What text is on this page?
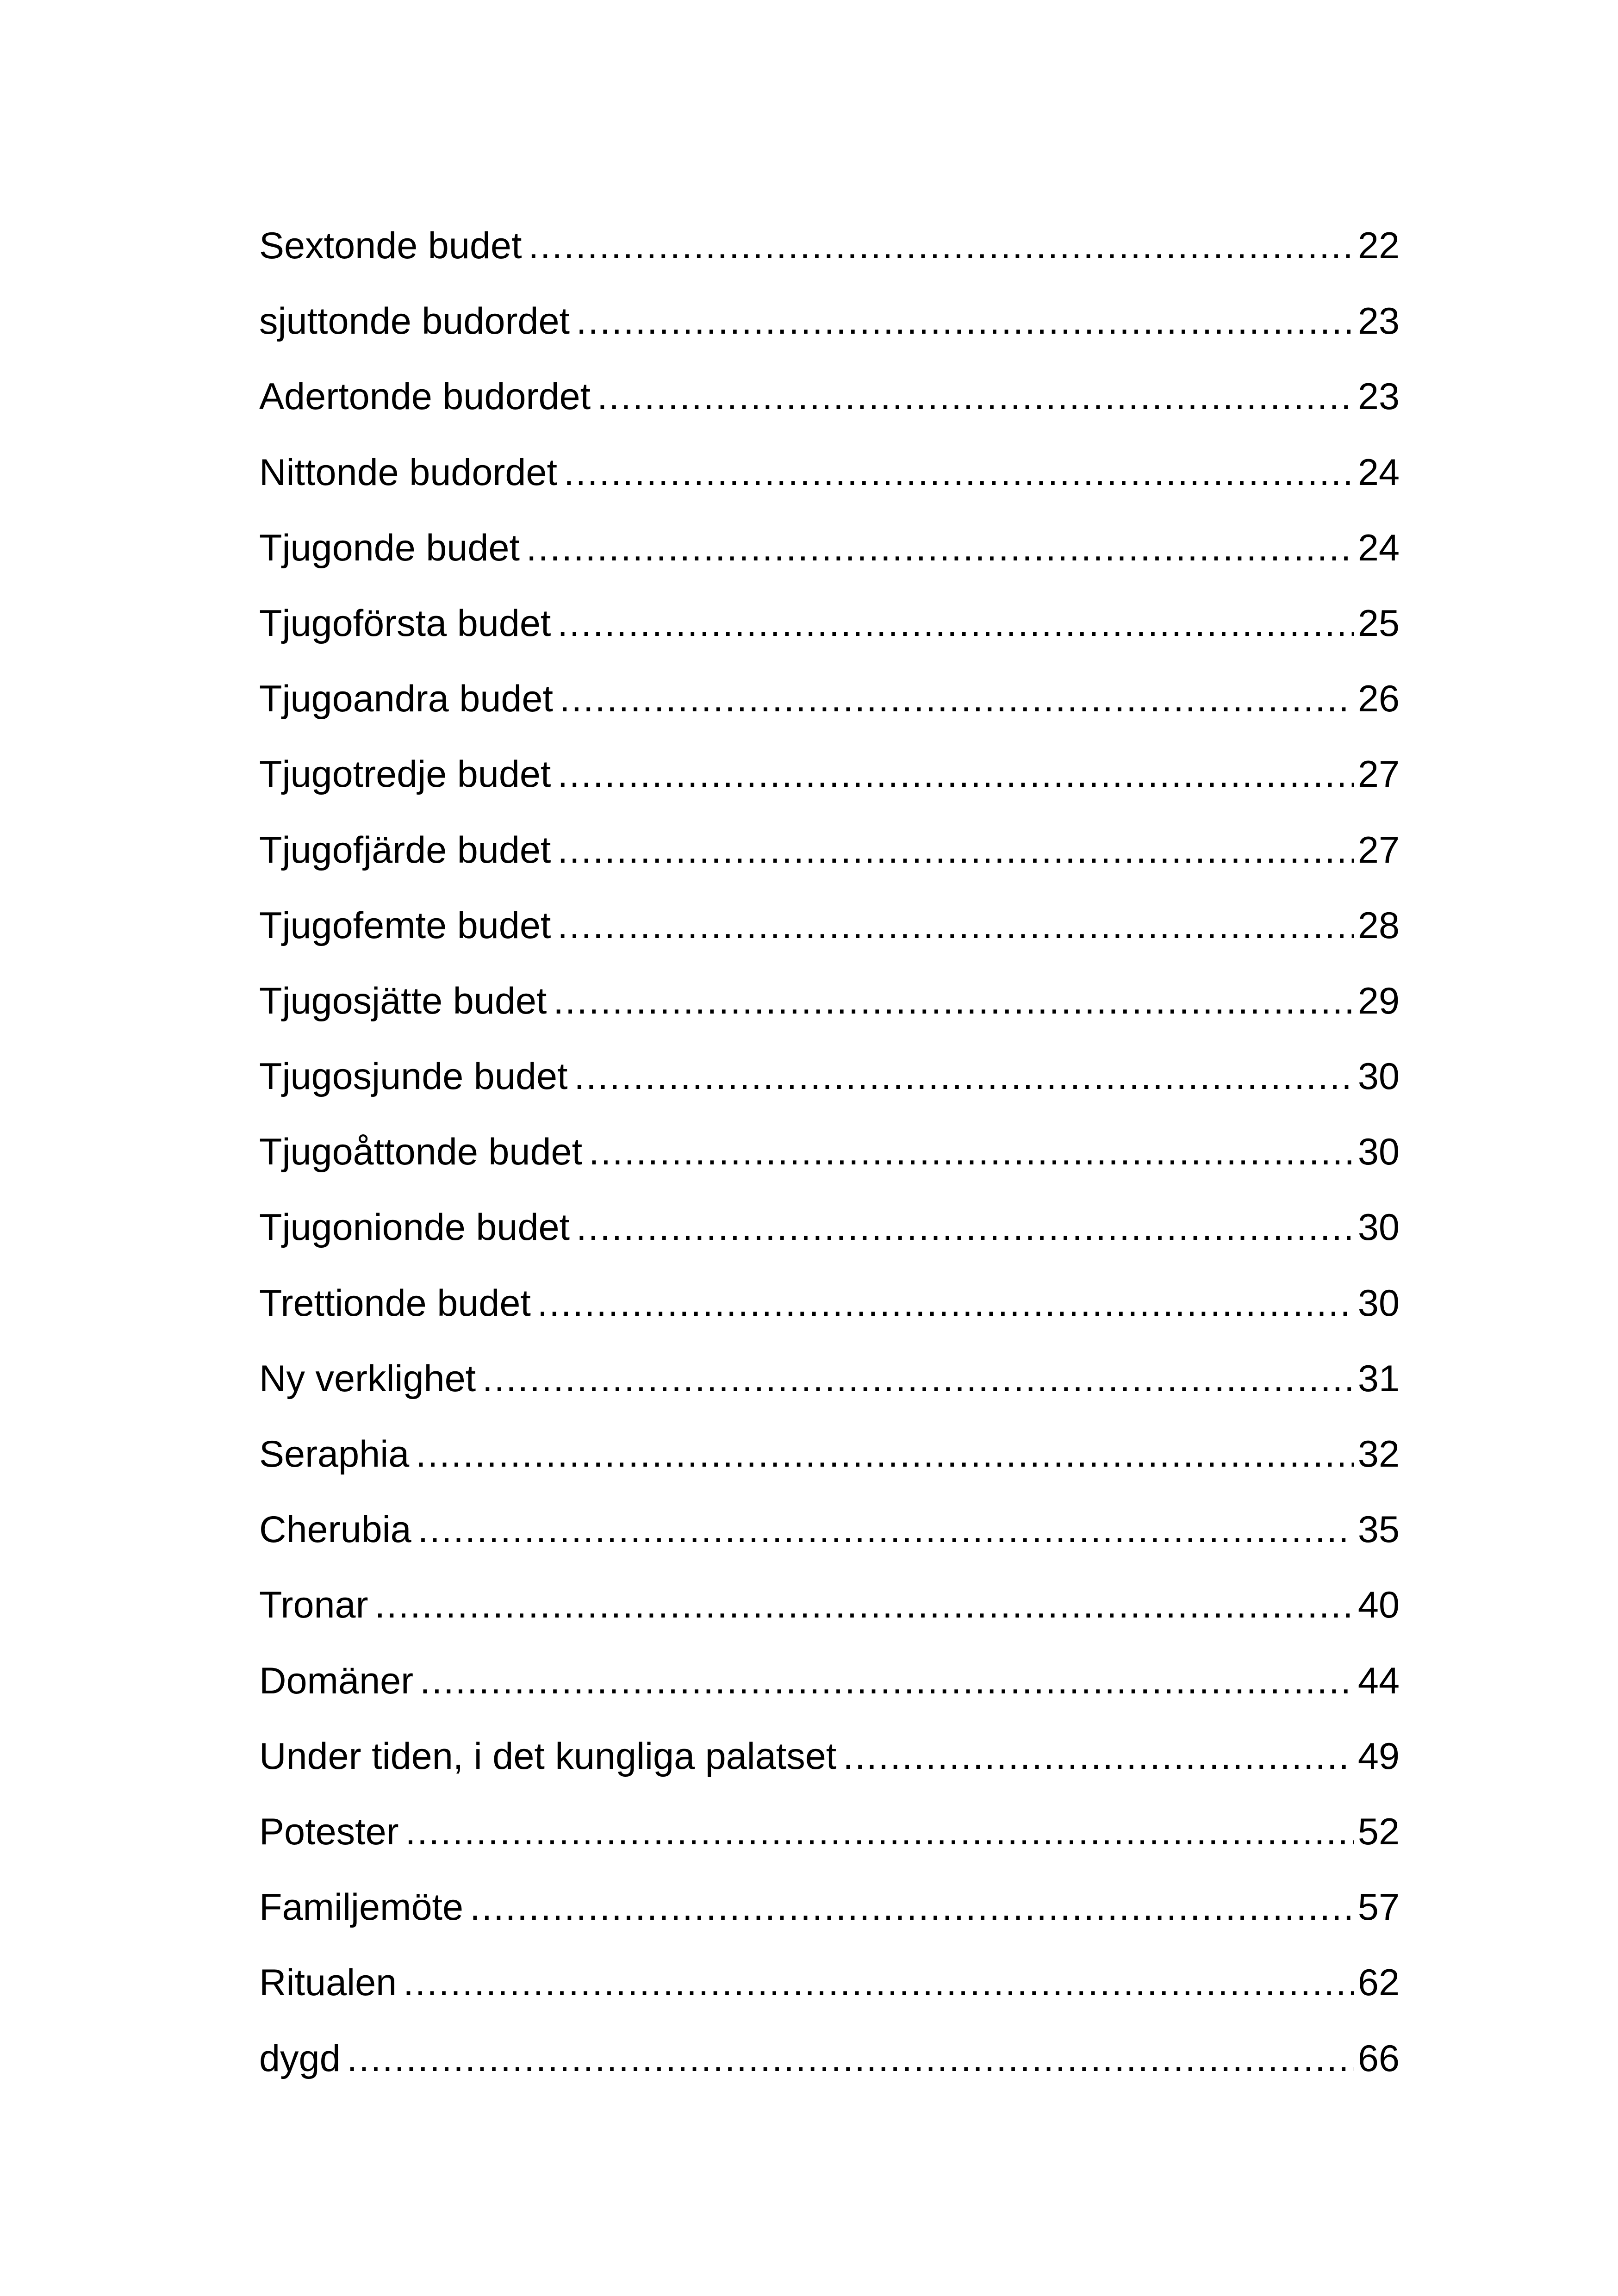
Sextonde budet .....	22
sjuttonde budordet .....	23
Adertonde budordet .....	23
Nittonde budordet .....	24
Tjugonde budet .....	24
Tjugoförsta budet .....	25
Tjugoandra budet .....	26
Tjugotredje budet .....	27
Tjugofjärde budet .....	27
Tjugofemte budet .....	28
Tjugosjätte budet .....	29
Tjugosjunde budet .....	30
Tjugoåttonde budet .....	30
Tjugonionde budet .....	30
Trettionde budet .....	30
Ny verklighet .....	31
Seraphia .....	32
Cherubia .....	35
Tronar .....	40
Domäner .....	44
Under tiden, i det kungliga palatset .....	49
Potester .....	52
Familjemöte .....	57
Ritualen .....	62
dygd .....	66
